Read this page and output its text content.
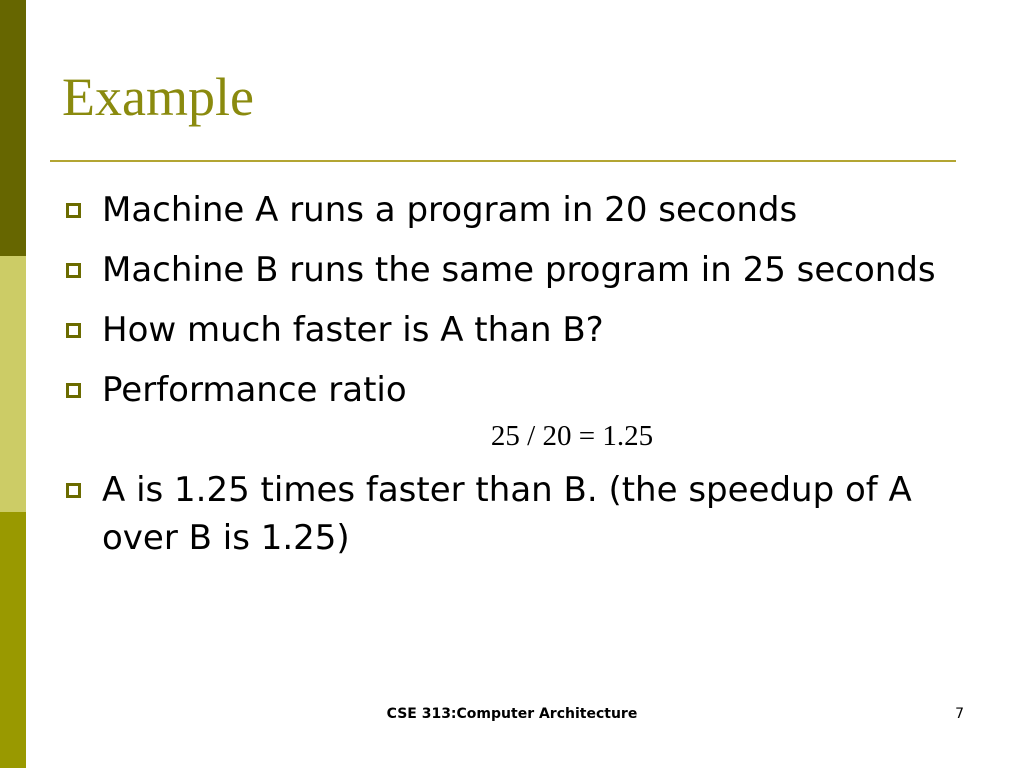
Example
Machine A runs a program in 20 seconds
Machine B runs the same program in 25 seconds
How much faster is A than B?
Performance ratio
25 / 20 = 1.25
A is 1.25 times faster than B. (the speedup of A over B is 1.25)
CSE 313:Computer Architecture	7
